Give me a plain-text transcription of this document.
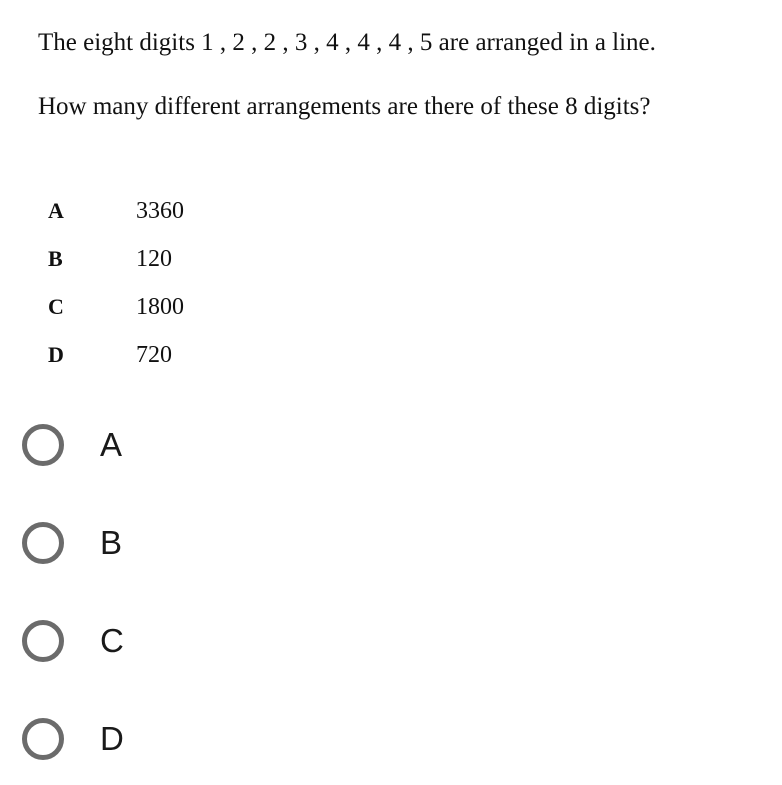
The eight digits 1 , 2 , 2 , 3 , 4 , 4 , 4 , 5 are arranged in a line.

How many different arrangements are there of these 8 digits?

A	3360
B	120
C	1800
D	720
A
B
C
D
